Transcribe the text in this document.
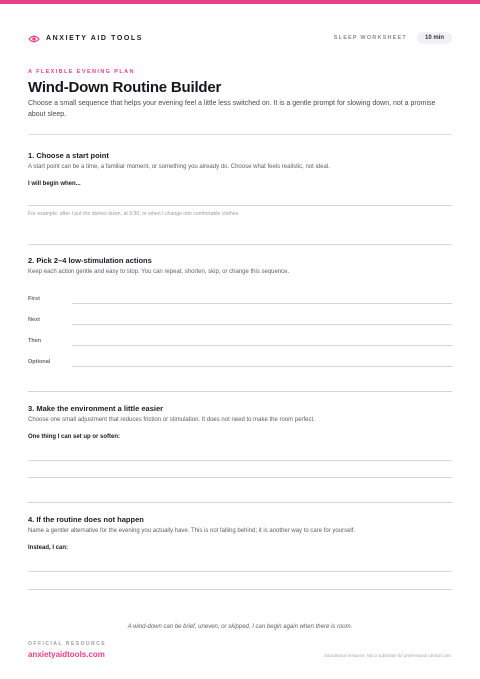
ANXIETY AID TOOLS	SLEEP WORKSHEET	10 min
A FLEXIBLE EVENING PLAN
Wind-Down Routine Builder

Choose a small sequence that helps your evening feel a little less switched on. It is a gentle prompt for slowing down, not a promise about sleep.

1. Choose a start point
A start point can be a time, a familiar moment, or something you already do. Choose what feels realistic, not ideal.
I will begin when...
For example: after I put the dishes down, at 9:30, or when I change into comfortable clothes.
2. Pick 2–4 low-stimulation actions
Keep each action gentle and easy to stop. You can repeat, shorten, skip, or change this sequence.
First
Next
Then
Optional
3. Make the environment a little easier
Choose one small adjustment that reduces friction or stimulation. It does not need to make the room perfect.
One thing I can set up or soften:
4. If the routine does not happen
Name a gentler alternative for the evening you actually have. This is not falling behind; it is another way to care for yourself.
Instead, I can:
A wind-down can be brief, uneven, or skipped. I can begin again when there is room.
OFFICIAL RESOURCE
anxietyaidtools.com	Educational resource. Not a substitute for professional clinical care.
